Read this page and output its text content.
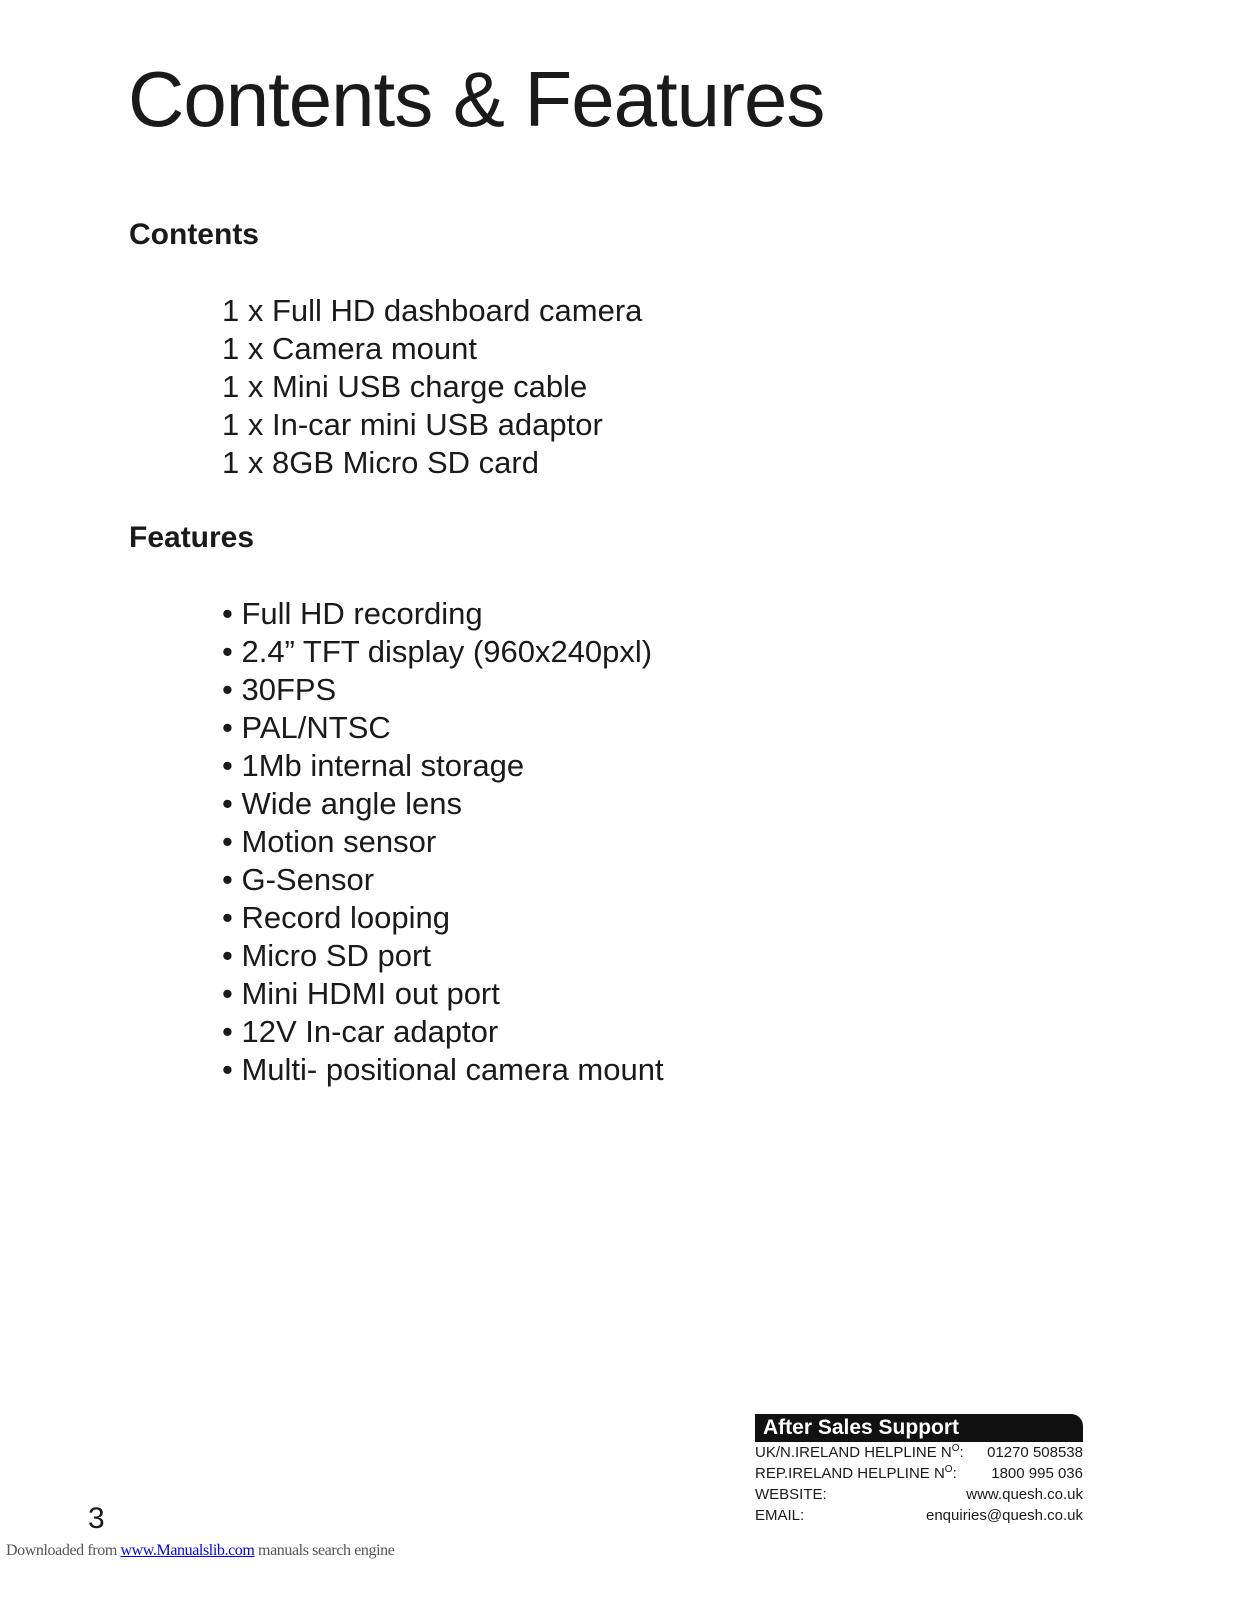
Contents & Features
Contents
1 x Full HD dashboard camera
1 x Camera mount
1 x Mini USB charge cable
1 x In-car mini USB adaptor
1 x 8GB Micro SD card
Features
• Full HD recording
• 2.4” TFT display (960x240pxl)
• 30FPS
• PAL/NTSC
• 1Mb internal storage
• Wide angle lens
• Motion sensor
• G-Sensor
• Record looping
• Micro SD port
• Mini HDMI out port
• 12V In-car adaptor
• Multi- positional camera mount
3
After Sales Support
UK/N.IRELAND HELPLINE $N^O$: 01270 508538
REP.IRELAND HELPLINE $N^O$: 1800 995 036
WEBSITE:	www.quesh.co.uk
EMAIL:	enquiries@quesh.co.uk
Downloaded from www.Manualslib.com manuals search engine
